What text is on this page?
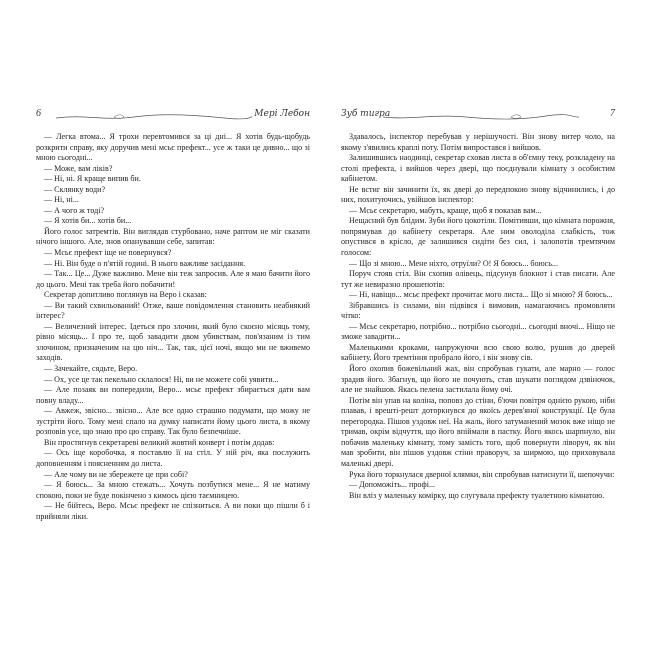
6	Мері Лебон

— Легка втома... Я трохи перевтомився за ці дні... Я хотів будь-щобудь розкрити справу, яку доручив мені мсьє префект... усе ж таки це дивно... що зі мною сьогодні...

— Може, вам ліків?

— Ні, ні. Я краще випив би.

— Склянку води?

— Ні, ні...

— А чого ж тоді?

— Я хотів би... хотів би...

Його голос затремтів. Він виглядав стурбовано, наче раптом не міг сказати нічого іншого. Але, знов опанувавши себе, запитав:

— Мсьє префект іще не повернувся?

— Ні. Він буде о п'ятій годині. В нього важливе засідання.

— Так... Це... Дуже важливо. Мене він теж запросив. Але я маю бачити його до цього. Мені так треба його побачити!

Секретар допитливо поглянув на Веро і сказав:

— Ви такий схвильований! Отже, ваше повідомлення становить неабиякий інтерес?

— Величезний інтерес. Ідеться про злочин, який було скоєно місяць тому, рівно місяць... І про те, щоб завадити двом убивствам, пов'язаним із тим злочином, призначеним на цю ніч... Так, так, цієї ночі, якщо ми не вживемо заходів.

— Зачекайте, сядьте, Веро.

— Ох, усе це так пекельно склалося! Ні, ви не можете собі уявити...

— Але позаяк ви попередили, Веро... мсьє префект збирається дати вам повну владу...

— Авжеж, звісно... звісно... Але все одно страшно подумати, що можу не зустріти його. Тому мені спало на думку написати йому цього листа, в якому розповів усе, що знаю про цю справу. Так було безпечніше.

Він простягнув секретареві великий жовтий конверт і потім додав:

— Ось іще коробочка, я поставлю її на стіл. У ній річ, яка послужить доповненням і поясненням до листа.

— Але чому ви не збережете це при собі?

— Я боюсь... За мною стежать... Хочуть позбутися мене... Я не матиму спокою, поки не буде покінчено з кимось цією таємницею.

— Не бійтесь, Веро. Мсьє префект не спізниться. А ви поки що пішли б і прийняли ліки.

Зуб тигра	7

Здавалось, інспектор перебував у нерішучості. Він знову витер чоло, на якому з'явились краплі поту. Потім випростався і вийшов.

Залишившись наодинці, секретар сховав листа в об'ємну теку, розкладену на столі префекта, і вийшов через двері, що поєднували кімнату з особистим кабінетом.

Не встиг він зачинити їх, як двері до передпокою знову відчинились, і до них, похитуючись, увійшов інспектор:

— Мсьє секретарю, мабуть, краще, щоб я показав вам...

Нещасний був блідим. Зуби його цокотіли. Помітивши, що кімната порожня, попрямував до кабінету секретаря. Але ним оволоділа слабкість, тож опустився в крісло, де залишився сидіти без сил, і залопотів тремтячим голосом:

— Що зі мною... Мене ніхто, отруїли? О! Я боюсь... боюсь...

Поруч стояв стіл. Він схопив олівець, підсунув блокнот і став писати. Але тут же невиразно прошепотів:

— Ні, навіщо... мсьє префект прочитає мого листа... Що зі мною? Я боюсь...

Зібравшись із силами, він підвівся і вимовив, намагаючись промовляти чітко:

— Мсьє секретарю, потрібно... потрібно сьогодні... сьогодні вночі... Ніщо не зможе завадити...

Маленькими кроками, напружуючи всю свою волю, рушив до дверей кабінету. Його тремтіння пробрало його, і він знову сів.

Його охопив божевільний жах, він спробував гукати, але марно — голос зрадив його. Збагнув, що його не почують, став шукати поглядом дзвіночок, але не знайшов. Якась пелена застилала йому очі.

Потім він упав на коліна, поповз до стіни, б'ючи повітря однією рукою, ніби плавав, і врешті-решт доторкнувся до якоїсь дерев'яної конструкції. Це була перегородка. Пішов уздовж неї. На жаль, його затуманений мозок вже ніщо не тримав, окрім відчуття, що його впіймали в пастку. Його якось шарпнуло, він побачив маленьку кімнату, тому замість того, щоб повернути ліворуч, як він мав зробити, він пішов уздовж стіни праворуч, за ширмою, що приховувала маленькі двері.

Рука його торкнулася дверної клямки, він спробував натиснути її, шепочучи:

— Допоможіть... профі...

Він вліз у маленьку комірку, що слугувала префекту туалетною кімнатою.
